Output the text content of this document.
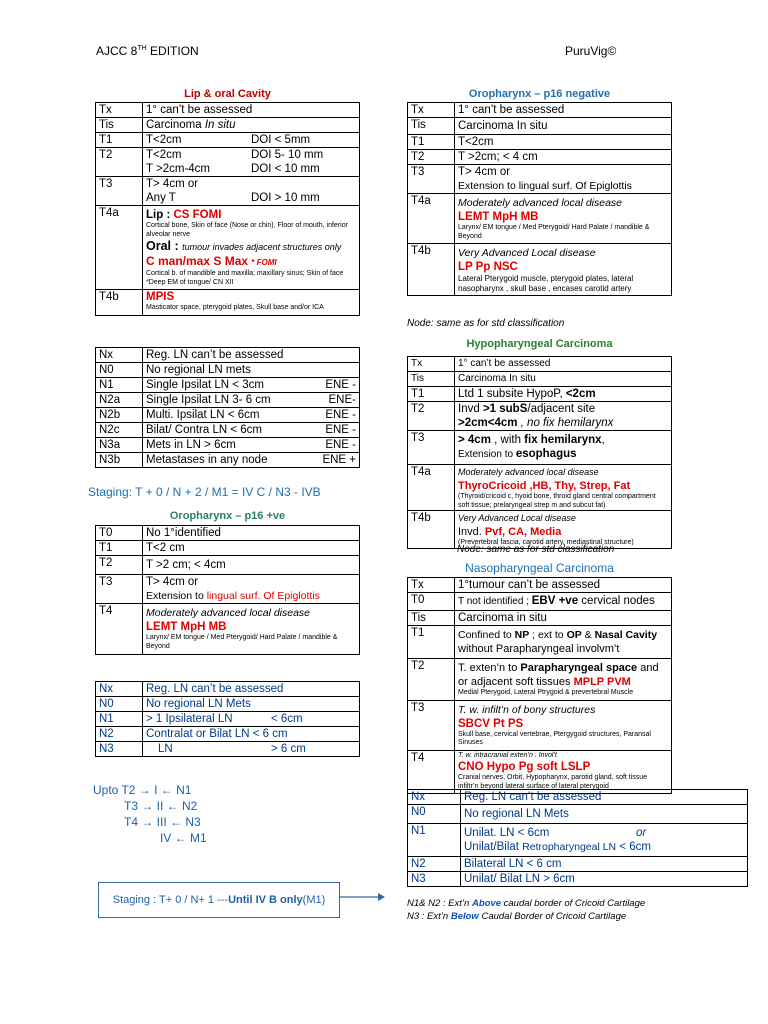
AJCC 8TH EDITION	PuruVig©
Lip & oral Cavity
Tx	1° can’t be assessed
Tis	Carcinoma In situ
T1	T<2cm DOI < 5mm
T2	T<2cm DOI 5- 10 mm
T >2cm-4cm DOI < 10 mm
T3	T> 4cm or
Any T DOI > 10 mm
T4a	Lip : CS FOMI
Cortical bone, Skin of face (Nose or chin), Floor of mouth, inferior alveolar nerve
Oral : tumour invades adjacent structures only
C man/max S Max * FOMI
Cortical b. of mandible and maxilla; maxillary sinus; Skin of face *Deep EM of tongue/ CN XII

T4b	MPIS
Masticator space, pterygoid plates, Skull base and/or ICA
Nx	Reg. LN can’t be assessed

N0	No regional LN mets

N1	Single Ipsilat LN < 3cm ENE -

N2a	Single Ipsilat LN 3- 6 cm ENE-

N2b	Multi. Ipsilat LN < 6cm ENE -

N2c	Bilat/ Contra LN < 6cm ENE -

N3a	Mets in LN > 6cm ENE -

N3b	Metastases in any node ENE +
Staging: T + 0 / N + 2 / M1 = IV C / N3 - IVB
Oropharynx – p16 +ve
T0	No 1°identified
T1	T<2 cm
T2	T >2 cm; < 4cm
T3	T> 4cm or
Extension to lingual surf. Of Epiglottis
T4	Moderately advanced local disease
LEMT MpH MB
Larynx/ EM tongue / Med Pterygoid/ Hard Palate / mandible & Beyond
Nx	Reg. LN can’t be assessed
N0	No regional LN Mets
N1	> 1 Ipsilateral LN < 6cm
N2	Contralat or Bilat LN < 6 cm
N3	LN > 6 cm
Upto T2 → I ← N1
T3 → II ← N2
T4 → III ← N3
IV ← M1
Staging : T+ 0 / N+ 1 --- Until IV B only (M1)
Oropharynx – p16 negative
Tx	1° can’t be assessed
Tis	Carcinoma In situ
T1	T<2cm
T2	T >2cm; < 4 cm
T3	T> 4cm or
Extension to lingual surf. Of Epiglottis
T4a	Moderately advanced local disease
LEMT MpH MB
Larynx/ EM tongue / Med Pterygoid/ Hard Palate / mandible & Beyond

T4b	Very Advanced Local disease
LP Pp NSC
Lateral Pterygoid muscle, pterygoid plates, lateral nasopharynx , skull base , encases carotid artery
Node: same as for std classification
Hypopharyngeal Carcinoma
Tx	1° can’t be assessed
Tis	Carcinoma In situ
T1	Ltd 1 subsite HypoP, <2cm
T2	Invd >1 subS/adjacent site
>2cm<4cm , no fix hemilarynx
T3	> 4cm , with fix hemilarynx,
Extension to esophagus
T4a	Moderately advanced local disease
ThyroCricoid ,HB, Thy, Strep, Fat
(Thyroid/cricoid c, hyoid bone, throid gland central compartment soft tissue; prelaryngeal strep m and subcut fat)

T4b	Very Advanced Local disease
Invd. Pvf, CA, Media
(Prevertebral fascia, carotid artery, mediastinal structure)
Node: same as for std classification
Nasopharyngeal Carcinoma
Tx	1°tumour can’t be assessed
T0	T not identified ; EBV +ve cervical nodes
Tis	Carcinoma in situ
T1	Confined to NP ; ext to OP & Nasal Cavity
without Parapharyngeal involvm’t
T2	T. exten’n to Parapharyngeal space and
or adjacent soft tissues MPLP PVM
Medial Pterygoid, Lateral Ptrygoid & prevertebral Muscle

T3	T. w. infilt’n of bony structures
SBCV Pt PS
Skull base, cervical vertebrae, Ptergygoid structures, Paransal Sinuses

T4	T. w. intracranial exten’n . Invol’t
CNO Hypo Pg soft LSLP
Cranial nerves, Orbit, Hypopharynx, parotid gland, soft tissue infiltr’n beyond lateral surface of lateral pterygoid
Nx	Reg. LN can’t be assessed
N0	No regional LN Mets
N1	Unilat. LN < 6cm or
Unilat/Bilat Retropharyngeal LN < 6cm
N2	Bilateral LN < 6 cm
N3	Unilat/ Bilat LN > 6cm
N1& N2 : Ext’n Above caudal border of Cricoid Cartilage
N3 : Ext’n Below Caudal Border of Cricoid Cartilage
